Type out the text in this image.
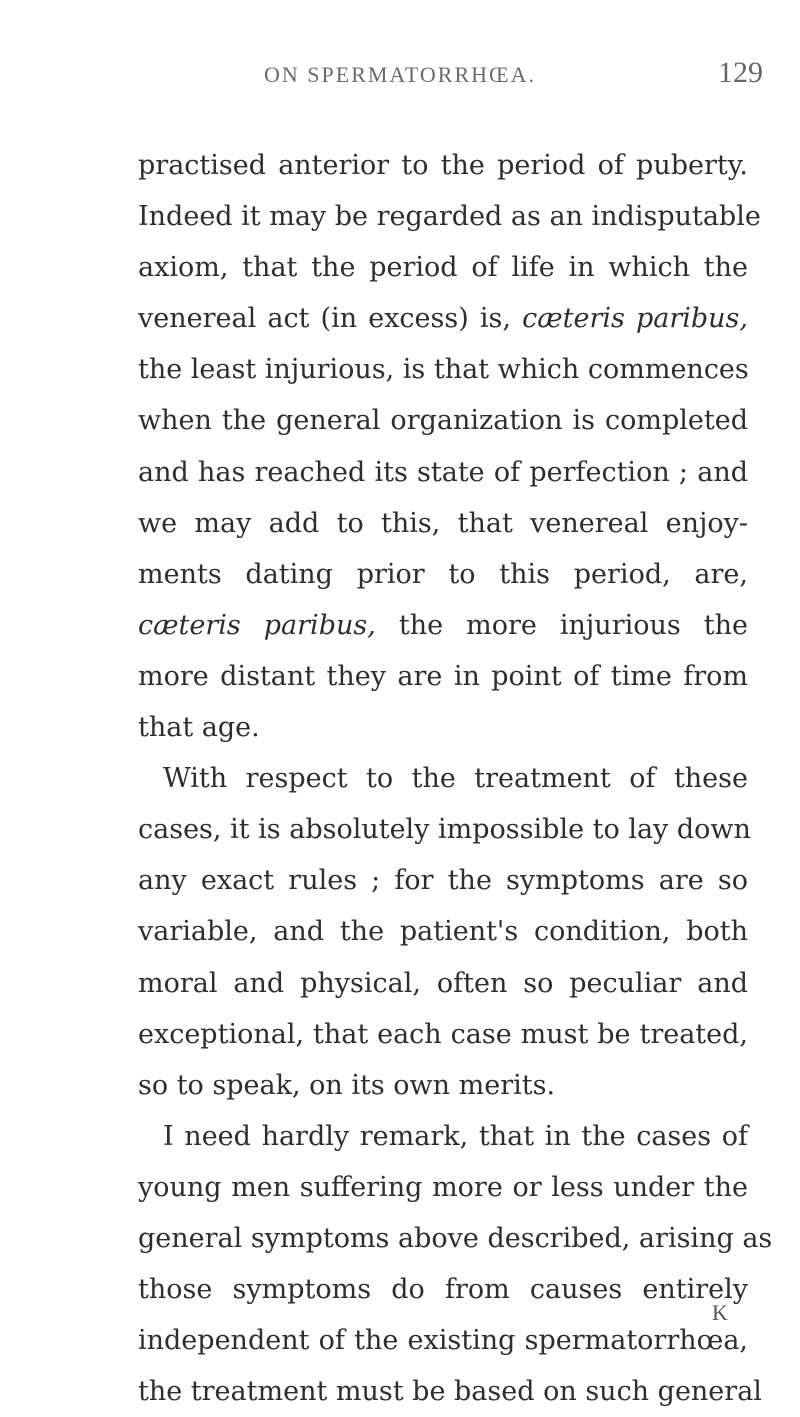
ON SPERMATORRHŒA.	129
practised anterior to the period of puberty.
Indeed it may be regarded as an indisputable
axiom, that the period of life in which the
venereal act (in excess) is, cæteris paribus,
the least injurious, is that which commences
when the general organization is completed
and has reached its state of perfection ; and
we may add to this, that venereal enjoy-
ments dating prior to this period, are,
cæteris paribus, the more injurious the
more distant they are in point of time from
that age.
With respect to the treatment of these
cases, it is absolutely impossible to lay down
any exact rules ; for the symptoms are so
variable, and the patient's condition, both
moral and physical, often so peculiar and
exceptional, that each case must be treated,
so to speak, on its own merits.
I need hardly remark, that in the cases of
young men suffering more or less under the
general symptoms above described, arising as
those symptoms do from causes entirely
independent of the existing spermatorrhœa,
the treatment must be based on such general
K
